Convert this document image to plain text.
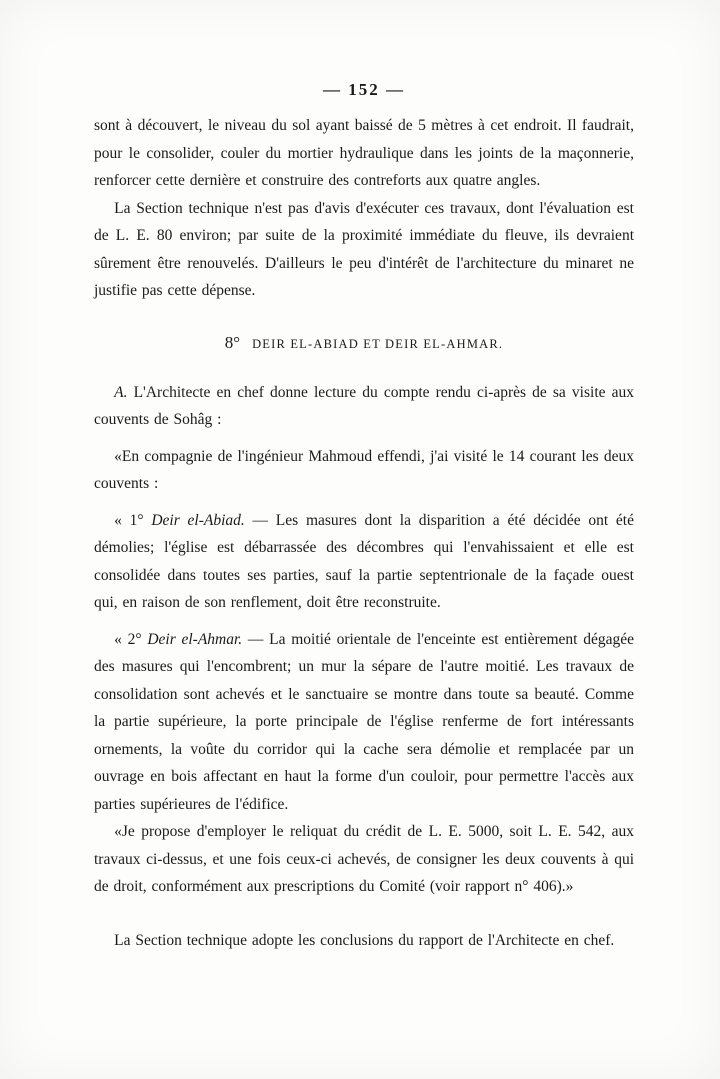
— 152 —

sont à découvert, le niveau du sol ayant baissé de 5 mètres à cet endroit. Il faudrait, pour le consolider, couler du mortier hydraulique dans les joints de la maçonnerie, renforcer cette dernière et construire des contreforts aux quatre angles.

La Section technique n'est pas d'avis d'exécuter ces travaux, dont l'évaluation est de L. E. 80 environ; par suite de la proximité immédiate du fleuve, ils devraient sûrement être renouvelés. D'ailleurs le peu d'intérêt de l'architecture du minaret ne justifie pas cette dépense.

8° DEIR EL-ABIAD ET DEIR EL-AHMAR.

A. L'Architecte en chef donne lecture du compte rendu ci-après de sa visite aux couvents de Sohâg :

«En compagnie de l'ingénieur Mahmoud effendi, j'ai visité le 14 courant les deux couvents :

« 1° Deir el-Abiad. — Les masures dont la disparition a été décidée ont été démolies; l'église est débarrassée des décombres qui l'envahissaient et elle est consolidée dans toutes ses parties, sauf la partie septentrionale de la façade ouest qui, en raison de son renflement, doit être reconstruite.

« 2° Deir el-Ahmar. — La moitié orientale de l'enceinte est entièrement dégagée des masures qui l'encombrent; un mur la sépare de l'autre moitié. Les travaux de consolidation sont achevés et le sanctuaire se montre dans toute sa beauté. Comme la partie supérieure, la porte principale de l'église renferme de fort intéressants ornements, la voûte du corridor qui la cache sera démolie et remplacée par un ouvrage en bois affectant en haut la forme d'un couloir, pour permettre l'accès aux parties supérieures de l'édifice.

«Je propose d'employer le reliquat du crédit de L. E. 5000, soit L. E. 542, aux travaux ci-dessus, et une fois ceux-ci achevés, de consigner les deux couvents à qui de droit, conformément aux prescriptions du Comité (voir rapport n° 406).»

La Section technique adopte les conclusions du rapport de l'Architecte en chef.
